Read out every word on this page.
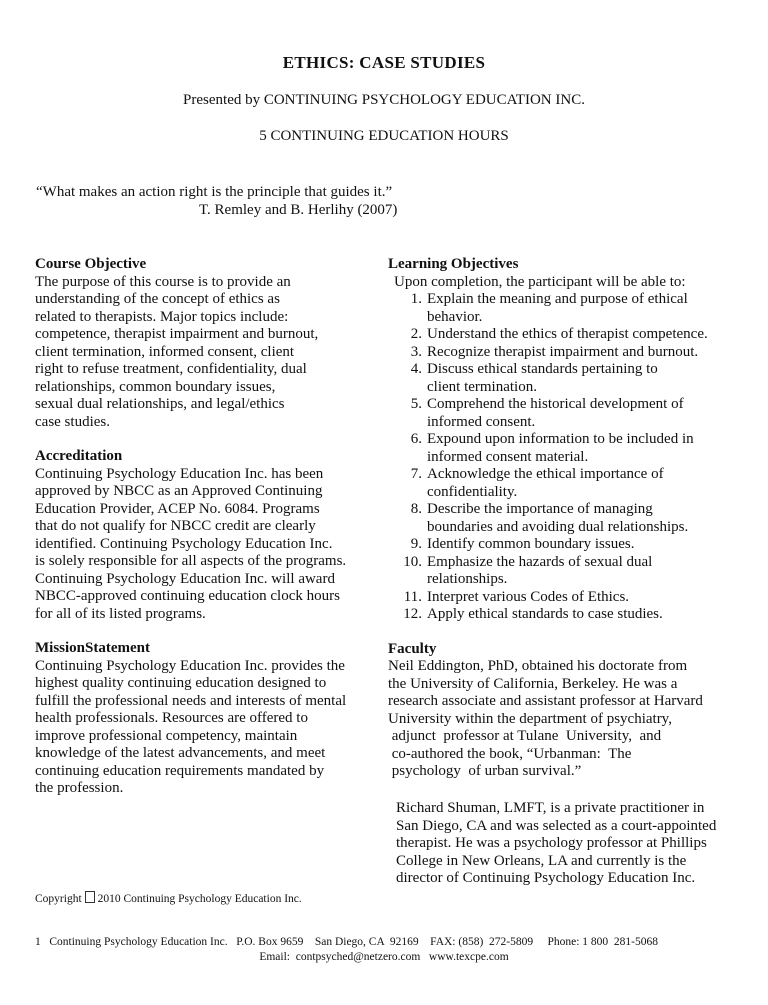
ETHICS: CASE STUDIES
Presented by CONTINUING PSYCHOLOGY EDUCATION INC.
5 CONTINUING EDUCATION HOURS
“What makes an action right is the principle that guides it.”
T. Remley and B. Herlihy (2007)

Course Objective

The purpose of this course is to provide an

understanding of the concept of ethics as

related to therapists. Major topics include:

competence, therapist impairment and burnout,

client termination, informed consent, client

right to refuse treatment, confidentiality, dual

relationships, common boundary issues,

sexual dual relationships, and legal/ethics

case studies.

Accreditation

Continuing Psychology Education Inc. has been

approved by NBCC as an Approved Continuing

Education Provider, ACEP No. 6084. Programs

that do not qualify for NBCC credit are clearly

identified. Continuing Psychology Education Inc.

is solely responsible for all aspects of the programs.

Continuing Psychology Education Inc. will award

NBCC-approved continuing education clock hours

for all of its listed programs.

MissionStatement

Continuing Psychology Education Inc. provides the

highest quality continuing education designed to

fulfill the professional needs and interests of mental

health professionals. Resources are offered to

improve professional competency, maintain

knowledge of the latest advancements, and meet

continuing education requirements mandated by

the profession.

Learning Objectives

Upon completion, the participant will be able to:

1. Explain the meaning and purpose of ethical

behavior.

2. Understand the ethics of therapist competence.

3. Recognize therapist impairment and burnout.

4. Discuss ethical standards pertaining to

client termination.

5. Comprehend the historical development of

informed consent.

6. Expound upon information to be included in

informed consent material.

7. Acknowledge the ethical importance of

confidentiality.

8. Describe the importance of managing

boundaries and avoiding dual relationships.

9. Identify common boundary issues.

10. Emphasize the hazards of sexual dual

relationships.

11. Interpret various Codes of Ethics.

12. Apply ethical standards to case studies.

Faculty

Neil Eddington, PhD, obtained his doctorate from

the University of California, Berkeley. He was a

research associate and assistant professor at Harvard

University within the department of psychiatry,

adjunct  professor at Tulane  University,  and

co-authored the book, “Urbanman:  The

psychology  of urban survival.”

Richard Shuman, LMFT, is a private practitioner in

San Diego, CA and was selected as a court-appointed

therapist. He was a psychology professor at Phillips

College in New Orleans, LA and currently is the

director of Continuing Psychology Education Inc.

Copyright 2010 Continuing Psychology Education Inc.
1   Continuing Psychology Education Inc.   P.O. Box 9659    San Diego, CA  92169    FAX: (858)  272-5809     Phone: 1 800  281-5068
Email:  contpsyched@netzero.com   www.texcpe.com
